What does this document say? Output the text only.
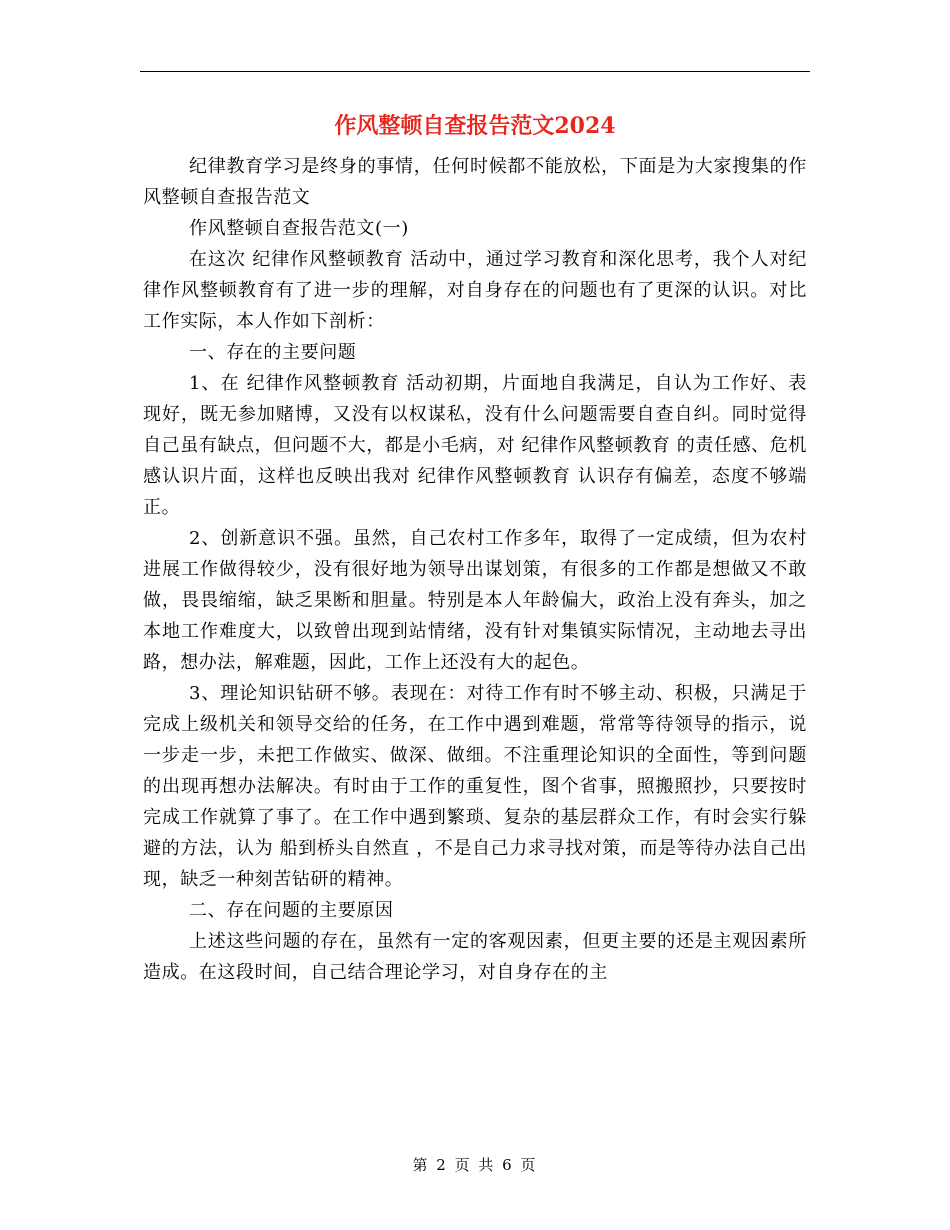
作风整顿自查报告范文2024

纪律教育学习是终身的事情，任何时候都不能放松，下面是为大家搜集的作风整顿自查报告范文

作风整顿自查报告范文(一)

在这次 纪律作风整顿教育 活动中，通过学习教育和深化思考，我个人对纪律作风整顿教育有了进一步的理解，对自身存在的问题也有了更深的认识。对比工作实际，本人作如下剖析：

一、存在的主要问题

1、在 纪律作风整顿教育 活动初期，片面地自我满足，自认为工作好、表现好，既无参加赌博，又没有以权谋私，没有什么问题需要自查自纠。同时觉得自己虽有缺点，但问题不大，都是小毛病，对 纪律作风整顿教育 的责任感、危机感认识片面，这样也反映出我对 纪律作风整顿教育 认识存有偏差，态度不够端正。

2、创新意识不强。虽然，自己农村工作多年，取得了一定成绩，但为农村进展工作做得较少，没有很好地为领导出谋划策，有很多的工作都是想做又不敢做，畏畏缩缩，缺乏果断和胆量。特别是本人年龄偏大，政治上没有奔头，加之本地工作难度大，以致曾出现到站情绪，没有针对集镇实际情况，主动地去寻出路，想办法，解难题，因此，工作上还没有大的起色。

3、理论知识钻研不够。表现在：对待工作有时不够主动、积极，只满足于完成上级机关和领导交给的任务，在工作中遇到难题，常常等待领导的指示，说一步走一步，未把工作做实、做深、做细。不注重理论知识的全面性，等到问题的出现再想办法解决。有时由于工作的重复性，图个省事，照搬照抄，只要按时完成工作就算了事了。在工作中遇到繁琐、复杂的基层群众工作，有时会实行躲避的方法，认为 船到桥头自然直 ，不是自己力求寻找对策，而是等待办法自己出现，缺乏一种刻苦钻研的精神。

二、存在问题的主要原因

上述这些问题的存在，虽然有一定的客观因素，但更主要的还是主观因素所造成。在这段时间，自己结合理论学习，对自身存在的主

第 2 页 共 6 页
